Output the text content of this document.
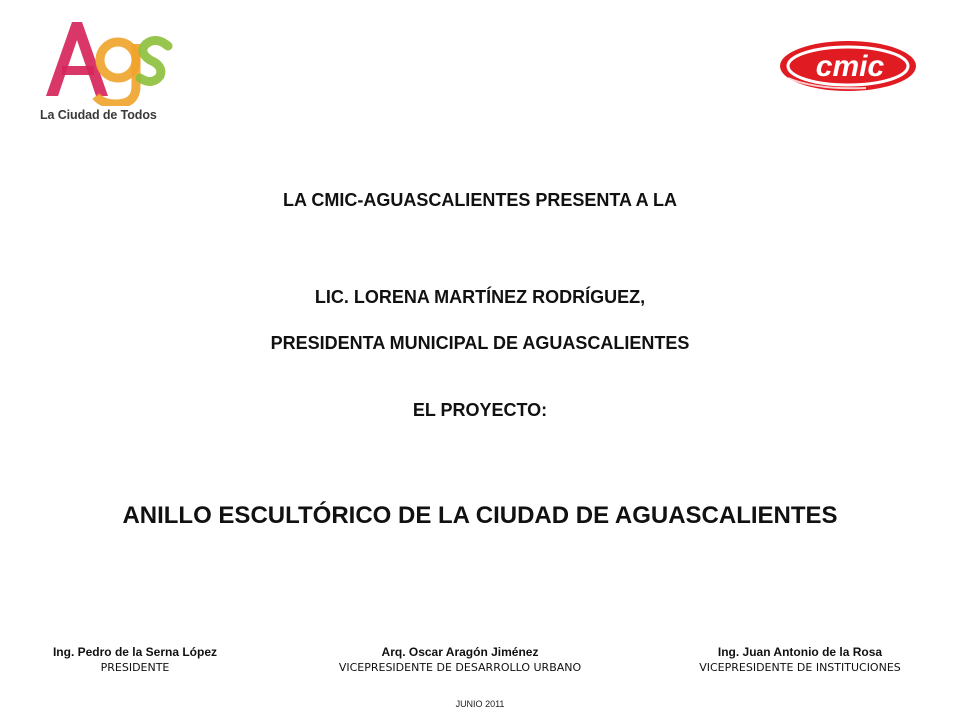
La Ciudad de Todos
cmic
LA CMIC-AGUASCALIENTES PRESENTA A LA
LIC. LORENA MARTÍNEZ RODRÍGUEZ,
PRESIDENTA MUNICIPAL DE AGUASCALIENTES
EL PROYECTO:
ANILLO ESCULTÓRICO DE LA CIUDAD DE AGUASCALIENTES
Ing. Pedro de la Serna López
PRESIDENTE
Arq. Oscar Aragón Jiménez
VICEPRESIDENTE DE DESARROLLO URBANO
Ing. Juan Antonio de la Rosa
VICEPRESIDENTE DE INSTITUCIONES
JUNIO 2011
